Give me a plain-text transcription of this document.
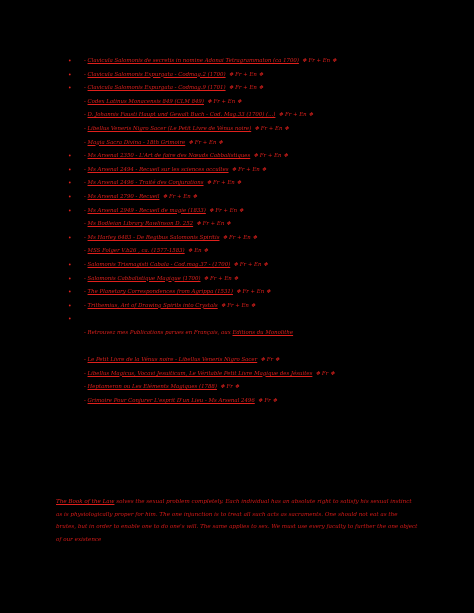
• - Clavicula Salomonis de secretis in nomine Adonai Tetragrammaton (ca 1700) ❖ Fr + En ❖
• - Clavicula Salomonis Expurgata - Codmag.2 (1700) ❖ Fr + En ❖
• - Clavicula Salomonis Expurgata - Codmag.9 (1701) ❖ Fr + En ❖
- Codex Latinus Monacensis 849 (CLM 849) ❖ Fr + En ❖
- D. Johannis Fausti Haupt und Gewalt Buch - Cod. Mag.33 (1700) (...) ❖ Fr + En ❖
- Libellus Veneris Nigro Sacer (Le Petit Livre de Vénus noire) ❖ Fr + En ❖
- Magia Sacra Divina - 18th Grimoire ❖ Fr + En ❖
• - Ms Arsenal 2350 - L'Art de faire des Nœuds Cabbalistiques ❖ Fr + En ❖
• - Ms Arsenal 2494 - Recueil sur les sciences occultes ❖ Fr + En ❖
• - Ms Arsenal 2496 - Traité des Conjurations ❖ Fr + En ❖
• - Ms Arsenal 2790 - Recueil ❖ Fr + En ❖
• - Ms Arsenal 2949 - Recueil de magie (1833) ❖ Fr + En ❖
- Ms Bodleian Library Rawlinson D. 252 ❖ Fr + En ❖
• - Ms Harley 6483 - De Regibus Salomonis Spiritis ❖ Fr + En ❖
- MSS Folger V.b26 , ca. (1577-1583) ❖ En ❖
• - Salomonis Trismagisti Cabala - Cod.mag.37 - (1700) ❖ Fr + En ❖
• - Salomonis Cabbalistique Magique (1700) ❖ Fr + En ❖
• - The Planetary Correspondences from Agrippa (1531) ❖ Fr + En ❖
• - Trithemius, Art of Drawing Spirits into Crystals ❖ Fr + En ❖
•
- Retrouvez mes Publications parues en Français, aux Editions du Monolithe
- Le Petit Livre de la Vénus noire - Libellus Veneris Nigro Sacer ❖ Fr ❖
- Libellus Magicus, Vocavi Jesuiticum, Le Véritable Petit Livre Magique des Jésuites ❖ Fr ❖
- Heptameron ou Les Eléments Magiques (1788) ❖ Fr ❖
- Grimoire Pour Conjurer L'esprit D'un Lieu - Ms Arsenal 2496 ❖ Fr ❖
The Book of the Law solves the sexual problem completely. Each individual has an absolute right to satisfy his sexual instinct as is physiologically proper for him. The one injunction is to treat all such acts as sacraments. One should not eat as the brutes, but in order to enable one to do one's will. The same applies to sex. We must use every faculty to further the one object of our existence
